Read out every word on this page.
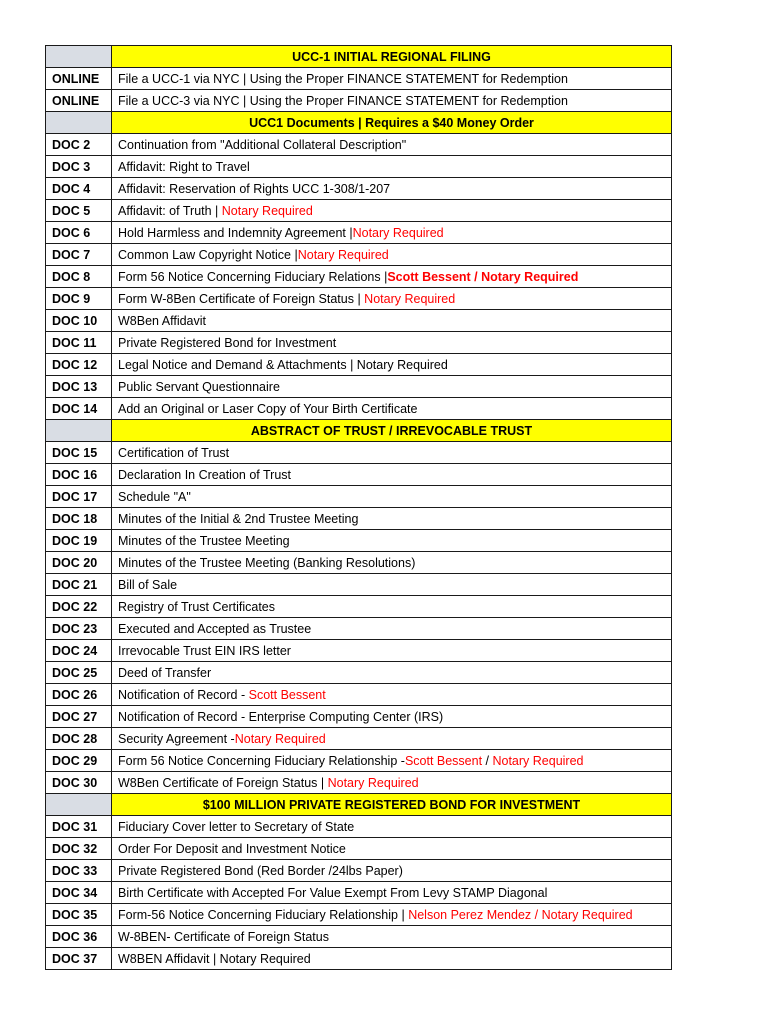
	UCC-1 INITIAL REGIONAL FILING
ONLINE	File a UCC-1 via NYC | Using the Proper FINANCE STATEMENT for Redemption
ONLINE	File a UCC-3 via NYC | Using the Proper FINANCE STATEMENT for Redemption
	UCC1 Documents | Requires a $40 Money Order
DOC 2	Continuation from "Additional Collateral Description"
DOC 3	Affidavit: Right to Travel
DOC 4	Affidavit: Reservation of Rights UCC 1-308/1-207
DOC 5	Affidavit: of Truth | Notary Required
DOC 6	Hold Harmless and Indemnity Agreement |Notary Required
DOC 7	Common Law Copyright Notice |Notary Required
DOC 8	Form 56 Notice Concerning Fiduciary Relations |Scott Bessent / Notary Required
DOC 9	Form W-8Ben Certificate of Foreign Status | Notary Required
DOC 10	W8Ben Affidavit
DOC 11	Private Registered Bond for Investment
DOC 12	Legal Notice and Demand & Attachments | Notary Required
DOC 13	Public Servant Questionnaire
DOC 14	Add an Original or Laser Copy of Your Birth Certificate
	ABSTRACT OF TRUST / IRREVOCABLE TRUST
DOC 15	Certification of Trust
DOC 16	Declaration In Creation of Trust
DOC 17	Schedule "A"
DOC 18	Minutes of the Initial & 2nd Trustee Meeting
DOC 19	Minutes of the Trustee Meeting
DOC 20	Minutes of the Trustee Meeting (Banking Resolutions)
DOC 21	Bill of Sale
DOC 22	Registry of Trust Certificates
DOC 23	Executed and Accepted as Trustee
DOC 24	Irrevocable Trust EIN IRS letter
DOC 25	Deed of Transfer
DOC 26	Notification of Record - Scott Bessent
DOC 27	Notification of Record - Enterprise Computing Center (IRS)
DOC 28	Security Agreement -Notary Required
DOC 29	Form 56 Notice Concerning Fiduciary Relationship -Scott Bessent / Notary Required
DOC 30	W8Ben Certificate of Foreign Status | Notary Required
	$100 MILLION PRIVATE REGISTERED BOND FOR INVESTMENT
DOC 31	Fiduciary Cover letter to Secretary of State
DOC 32	Order For Deposit and Investment Notice
DOC 33	Private Registered Bond (Red Border /24lbs Paper)
DOC 34	Birth Certificate with Accepted For Value Exempt From Levy STAMP Diagonal
DOC 35	Form-56 Notice Concerning Fiduciary Relationship | Nelson Perez Mendez / Notary Required
DOC 36	W-8BEN- Certificate of Foreign Status
DOC 37	W8BEN Affidavit | Notary Required
